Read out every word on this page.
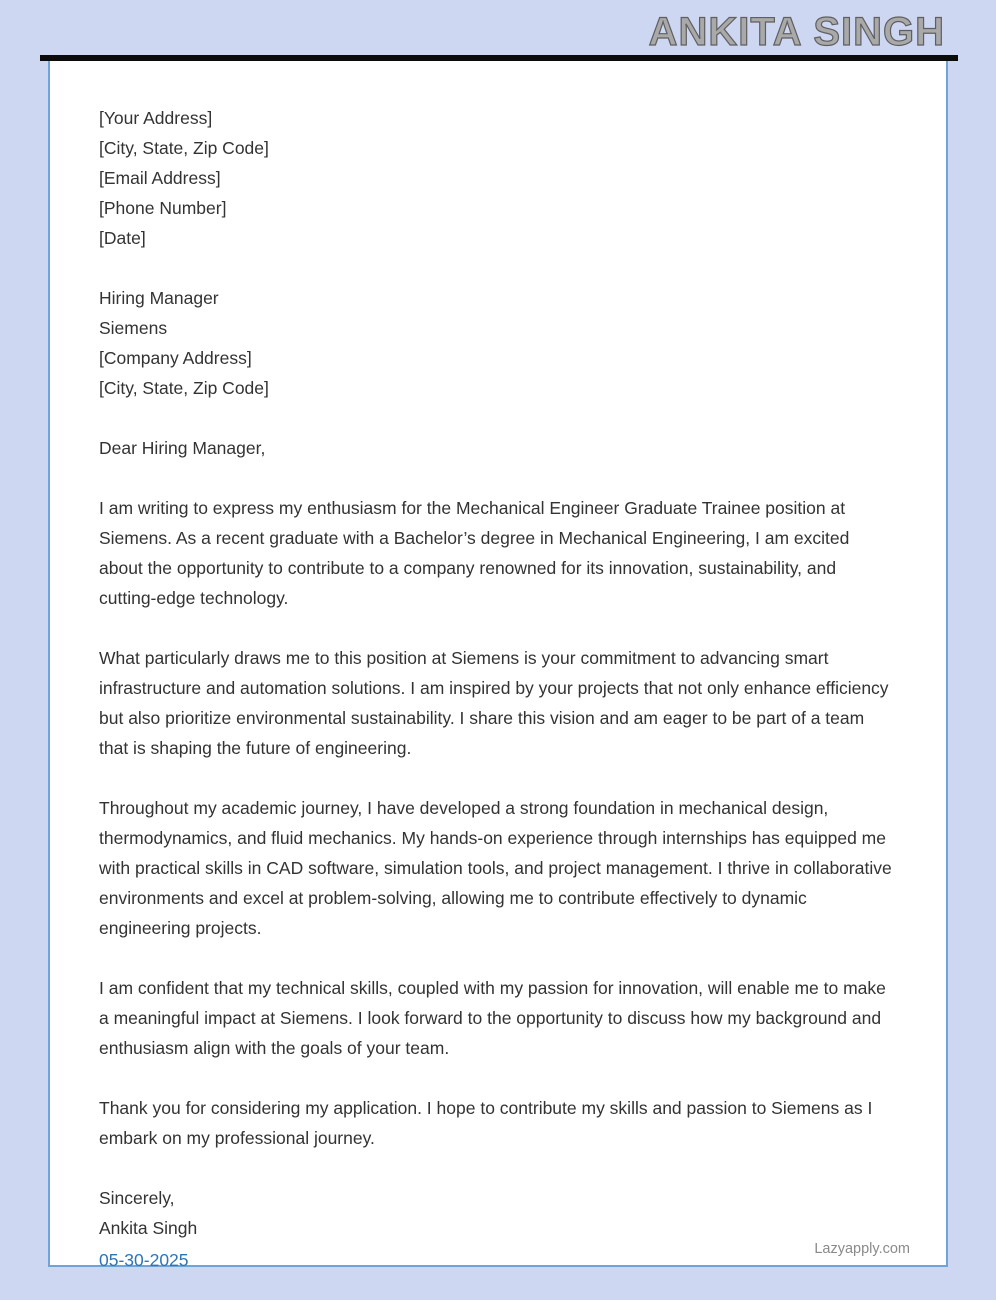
ANKITA SINGH
[Your Address]
[City, State, Zip Code]
[Email Address]
[Phone Number]
[Date]
Hiring Manager
Siemens
[Company Address]
[City, State, Zip Code]

Dear Hiring Manager,

I am writing to express my enthusiasm for the Mechanical Engineer Graduate Trainee position at Siemens. As a recent graduate with a Bachelor’s degree in Mechanical Engineering, I am excited about the opportunity to contribute to a company renowned for its innovation, sustainability, and cutting-edge technology.

What particularly draws me to this position at Siemens is your commitment to advancing smart infrastructure and automation solutions. I am inspired by your projects that not only enhance efficiency but also prioritize environmental sustainability. I share this vision and am eager to be part of a team that is shaping the future of engineering.

Throughout my academic journey, I have developed a strong foundation in mechanical design, thermodynamics, and fluid mechanics. My hands-on experience through internships has equipped me with practical skills in CAD software, simulation tools, and project management. I thrive in collaborative environments and excel at problem-solving, allowing me to contribute effectively to dynamic engineering projects.

I am confident that my technical skills, coupled with my passion for innovation, will enable me to make a meaningful impact at Siemens. I look forward to the opportunity to discuss how my background and enthusiasm align with the goals of your team.

Thank you for considering my application. I hope to contribute my skills and passion to Siemens as I embark on my professional journey.

Sincerely,
Ankita Singh
Lazyapply.com
05-30-2025
